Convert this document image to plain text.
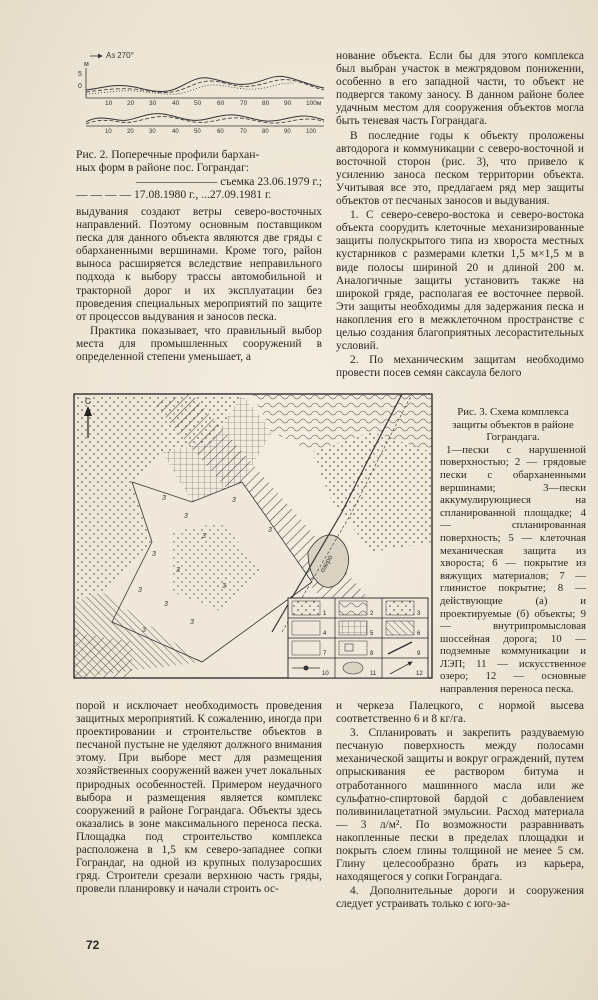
Аз 270°
м
5
0
10 20 30 40 50 60 70 80 90 100м
10	20	30	40	50	60	70	80	90	100
Рис. 2. Поперечные профили бархан-
ных форм в районе пос. Гограндаг:
——————— съемка 23.06.1979 г.;
— — — — 17.08.1980 г., ...27.09.1981 г.

выдувания создают ветры северо-восточных направлений. Поэтому основным поставщиком песка для данного объекта являются две гряды с обарханенными вершинами. Кроме того, район выноса расширяется вследствие неправильного подхода к выбору трассы автомобильной и тракторной дорог и их эксплуатации без проведения специальных мероприятий по защите от процессов выдувания и заносов песка.

Практика показывает, что правильный выбор места для промышленных сооружений в определенной степени уменьшает, а

нование объекта. Если бы для этого комплекса был выбран участок в межгрядовом понижении, особенно в его западной части, то объект не подвергся такому заносу. В данном районе более удачным местом для сооружения объектов могла быть теневая часть Гограндага.

В последние годы к объекту проложены автодорога и коммуникации с северо-восточной и восточной сторон (рис. 3), что привело к усилению заноса песком территории объекта. Учитывая все это, предлагаем ряд мер защиты объектов от песчаных заносов и выдувания.

1. С северо-северо-востока и северо-востока объекта соорудить клеточные механизированные защиты полускрытого типа из хворостa местных кустарников с размерами клетки 1,5 м×1,5 м в виде полосы шириной 20 и длиной 200 м. Аналогичные защиты установить также на широкой гряде, располагая ее восточнее первой. Эти защиты необходимы для задержания песка и накопления его в межклеточном пространстве с целью создания благоприятных лесорастительных условий.

2. По механическим защитам необходимо провести посев семян саксаула белого

озеро
С
3
3
3
3
3
3
3
3
3
3
3
3
1	2	3
4	5	6
7	8	9
10	11	12

Рис. 3. Схема комплекса защиты объектов в районе Гограндага.

1—пески с нарушенной поверхностью; 2 — грядовые пески с обарханенными вершинами; 3—пески аккумулирующиеся на спланированной площадке; 4 — спланированная поверхность; 5 — клеточная механическая защита из хвороста; 6 — покрытие из вяжущих материалов; 7 — глинистое покрытие; 8 — действующие (а) и проектируемые (б) объекты; 9 — внутрипромысловая шоссейная дорога; 10 — подземные коммуникации и ЛЭП; 11 — искусственное озеро; 12 — основные направления переноса песка.

порой и исключает необходимость проведения защитных мероприятий. К сожалению, иногда при проектировании и строительстве объектов в песчаной пустыне не уделяют должного внимания этому. При выборе мест для размещения хозяйственных сооружений важен учет локальных природных особенностей. Примером неудачного выбора и размещения является комплекс сооружений в районе Гограндага. Объекты здесь оказались в зоне максимального переноса песка. Площадка под строительство комплекса расположена в 1,5 км северо-западнее сопки Гограндаг, на одной из крупных полузаросших гряд. Строители срезали верхнюю часть гряды, провели планировку и начали строить ос-

и черкеза Палецкого, с нормой высева соответственно 6 и 8 кг/га.

3. Спланировать и закрепить раздуваемую песчаную поверхность между полосами механической защиты и вокруг ограждений, путем опрыскивания ее раствором битума и отработанного машинного масла или же сульфатно-спиртовой бардой с добавлением поливинилацетатной эмульсии. Расход материала — 3 л/м². По возможности разравнивать накопленные пески в пределах площадки и покрыть слоем глины толщиной не менее 5 см. Глину целесообразно брать из карьера, находящегося у сопки Гограндага.

4. Дополнительные дороги и сооружения следует устраивать только с юго-за-

72
